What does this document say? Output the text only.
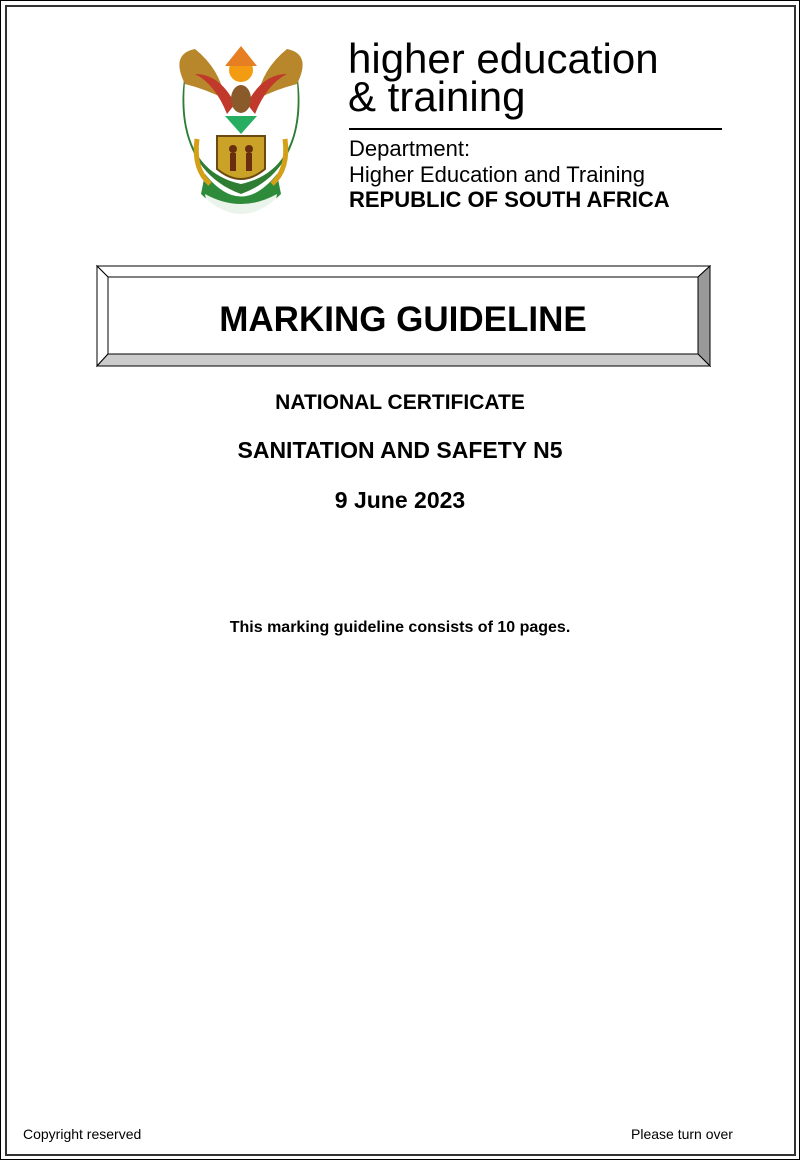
higher education
& training
Department:
Higher Education and Training
REPUBLIC OF SOUTH AFRICA
MARKING GUIDELINE
NATIONAL CERTIFICATE
SANITATION AND SAFETY N5
9 June 2023
This marking guideline consists of 10 pages.
Copyright reserved	Please turn over
